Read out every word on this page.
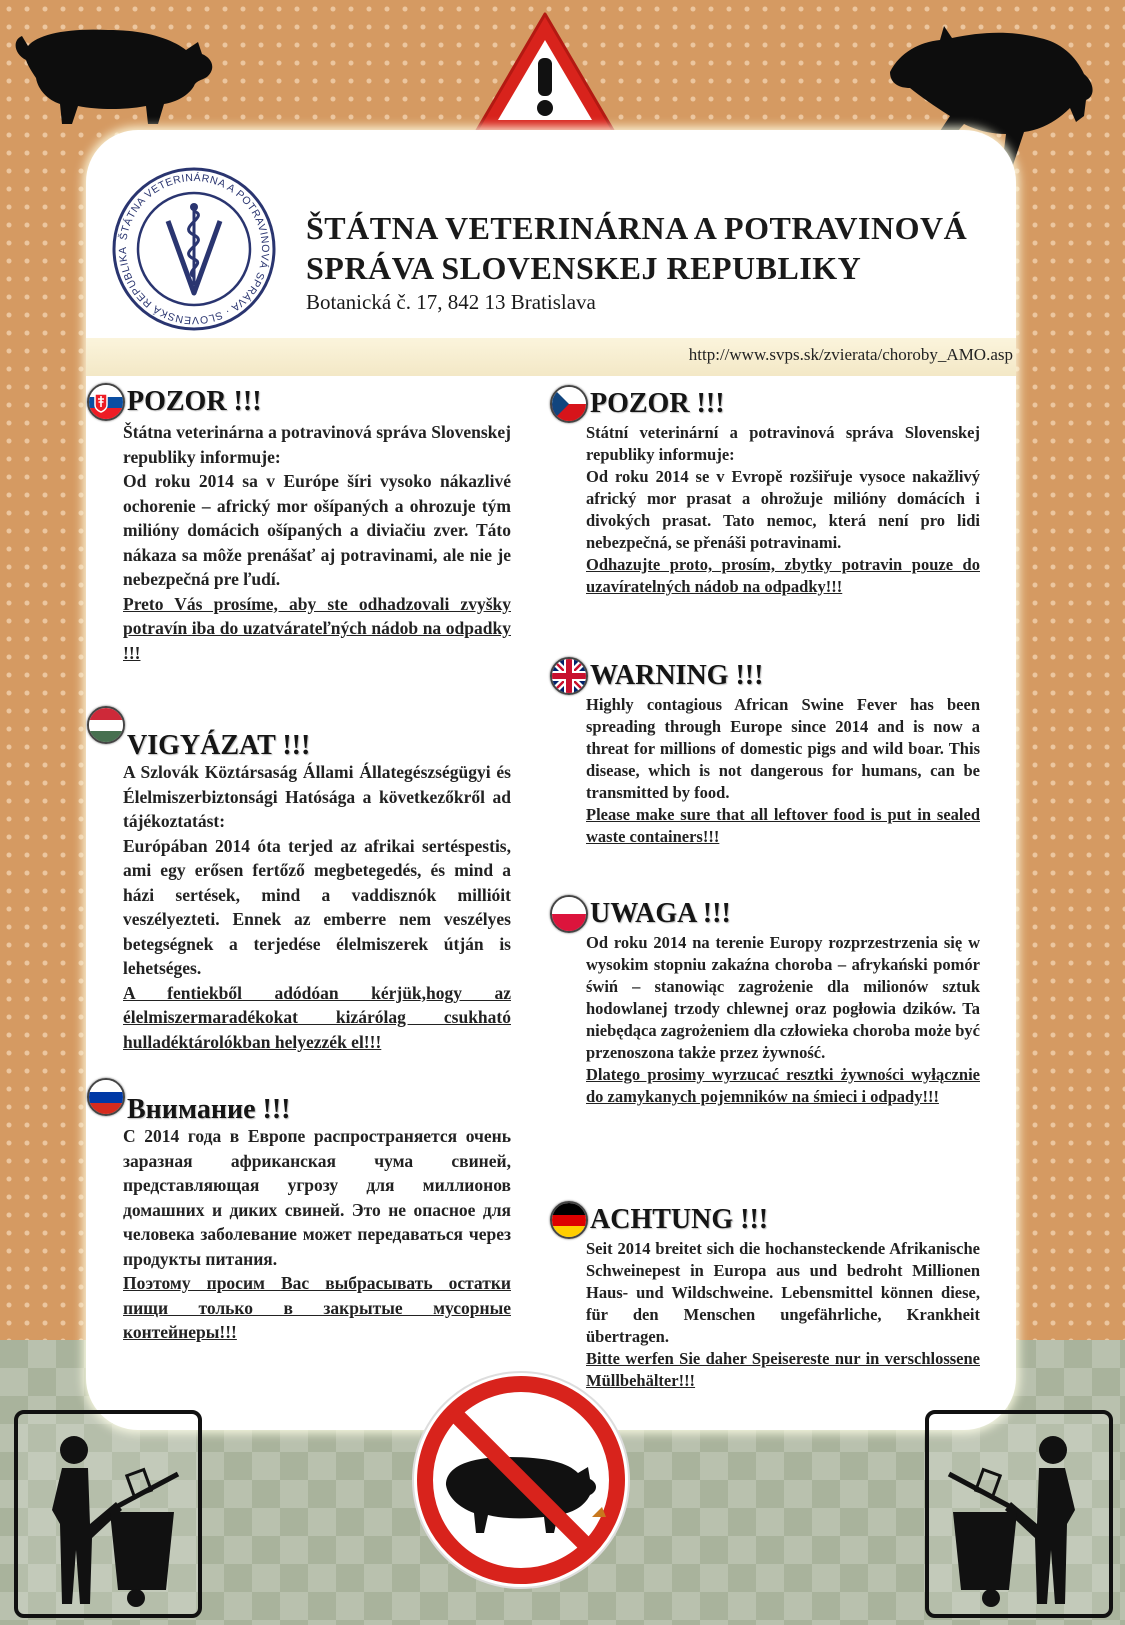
ŠTÁTNA VETERINÁRNA A POTRAVINOVÁ SPRÁVA · SLOVENSKÁ REPUBLIKA
ŠTÁTNA VETERINÁRNA A POTRAVINOVÁ
SPRÁVA SLOVENSKEJ REPUBLIKY
Botanická č. 17, 842 13 Bratislava
http://www.svps.sk/zvierata/choroby_AMO.asp
POZOR !!!

Štátna veterinárna a potravinová správa Slovenskej republiky informuje:

Od roku 2014 sa v Európe šíri vysoko nákazlivé ochorenie – africký mor ošípaných a ohrozuje tým milióny domácich ošípaných a diviačiu zver. Táto nákaza sa môže prenášať aj potravinami, ale nie je nebezpečná pre ľudí.

Preto Vás prosíme, aby ste odhadzovali zvyšky potravín iba do uzatvárateľných nádob na odpadky !!!

VIGYÁZAT !!!

A Szlovák Köztársaság Állami Állategészségügyi és Élelmiszerbiztonsági Hatósága a következőkről ad tájékoztatást:

Európában 2014 óta terjed az afrikai sertéspestis, ami egy erősen fertőző megbetegedés, és mind a házi sertések, mind a vaddisznók millióit veszélyezteti. Ennek az emberre nem veszélyes betegségnek a terjedése élelmiszerek útján is lehetséges.

A fentiekből adódóan kérjük,hogy az élelmiszermaradékokat kizárólag csukható hulladéktárolókban helyezzék el!!!

Внимание !!!

С 2014 года в Европе распространяется очень заразная африканская чума свиней, представляющая угрозу для миллионов домашних и диких свиней. Это не опасное для человека заболевание может передаваться через продукты питания.

Поэтому просим Вас выбрасывать остатки пищи только в закрытые мусорные контейнеры!!!

POZOR !!!

Státní veterinární a potravinová správa Slovenskej republiky informuje:

Od roku 2014 se v Evropě rozšiřuje vysoce nakažlivý africký mor prasat a ohrožuje milióny domácích i divokých prasat. Tato nemoc, která není pro lidi nebezpečná, se přenáši potravinami.

Odhazujte proto, prosím, zbytky potravin pouze do uzavíratelných nádob na odpadky!!!

WARNING !!!

Highly contagious African Swine Fever has been spreading through Europe since 2014 and is now a threat for millions of domestic pigs and wild boar. This disease, which is not dangerous for humans, can be transmitted by food.

Please make sure that all leftover food is put in sealed waste containers!!!

UWAGA !!!

Od roku 2014 na terenie Europy rozprzestrzenia się w wysokim stopniu zakaźna choroba – afrykański pomór świń – stanowiąc zagrożenie dla milionów sztuk hodowlanej trzody chlewnej oraz pogłowia dzików. Ta niebędąca zagrożeniem dla człowieka choroba może być przenoszona także przez żywność.

Dlatego prosimy wyrzucać resztki żywności wyłącznie do zamykanych pojemników na śmieci i odpady!!!

ACHTUNG !!!

Seit 2014 breitet sich die hochansteckende Afrikanische Schweinepest in Europa aus und bedroht Millionen Haus- und Wildschweine. Lebensmittel können diese, für den Menschen ungefährliche, Krankheit übertragen.

Bitte werfen Sie daher Speisereste nur in verschlossene Müllbehälter!!!
